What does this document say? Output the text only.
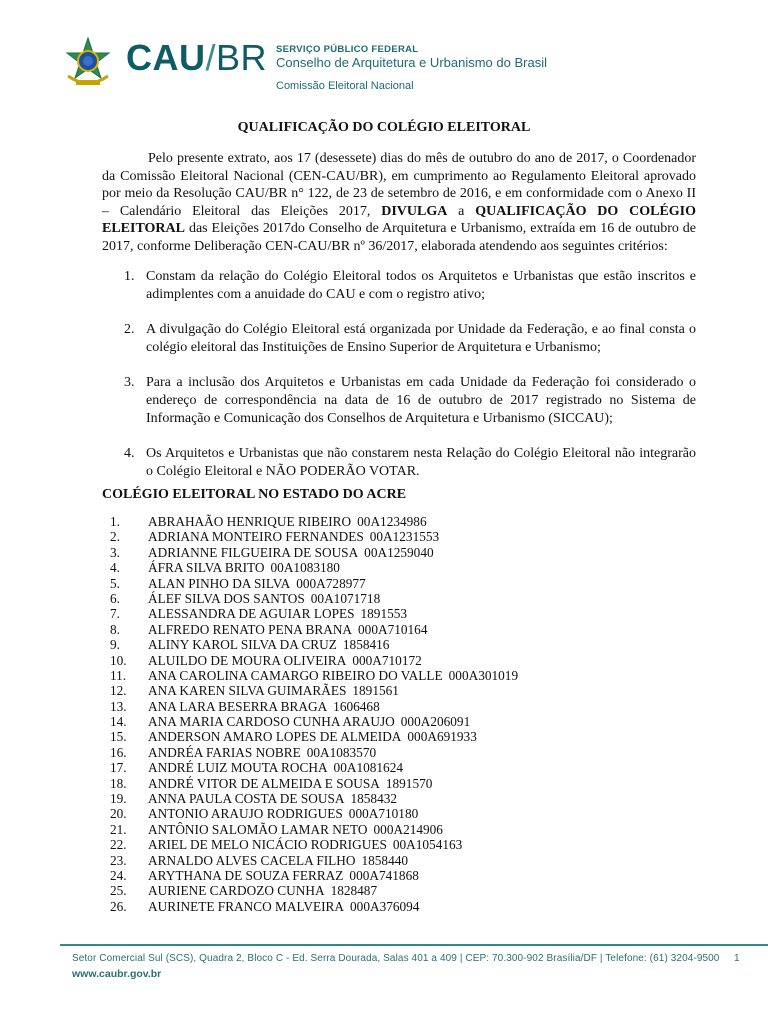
CAU/BR SERVIÇO PÚBLICO FEDERAL
Conselho de Arquitetura e Urbanismo do Brasil
Comissão Eleitoral Nacional
QUALIFICAÇÃO DO COLÉGIO ELEITORAL

Pelo presente extrato, aos 17 (desessete) dias do mês de outubro do ano de 2017, o Coordenador da Comissão Eleitoral Nacional (CEN-CAU/BR), em cumprimento ao Regulamento Eleitoral aprovado por meio da Resolução CAU/BR n° 122, de 23 de setembro de 2016, e em conformidade com o Anexo II – Calendário Eleitoral das Eleições 2017, DIVULGA a QUALIFICAÇÃO DO COLÉGIO ELEITORAL das Eleições 2017do Conselho de Arquitetura e Urbanismo, extraída em 16 de outubro de 2017, conforme Deliberação CEN-CAU/BR nº 36/2017, elaborada atendendo aos seguintes critérios:

1. Constam da relação do Colégio Eleitoral todos os Arquitetos e Urbanistas que estão inscritos e adimplentes com a anuidade do CAU e com o registro ativo;
2. A divulgação do Colégio Eleitoral está organizada por Unidade da Federação, e ao final consta o colégio eleitoral das Instituições de Ensino Superior de Arquitetura e Urbanismo;
3. Para a inclusão dos Arquitetos e Urbanistas em cada Unidade da Federação foi considerado o endereço de correspondência na data de 16 de outubro de 2017 registrado no Sistema de Informação e Comunicação dos Conselhos de Arquitetura e Urbanismo (SICCAU);
4. Os Arquitetos e Urbanistas que não constarem nesta Relação do Colégio Eleitoral não integrarão o Colégio Eleitoral e NÃO PODERÃO VOTAR.
COLÉGIO ELEITORAL NO ESTADO DO ACRE
1. ABRAHAÃO HENRIQUE RIBEIRO 00A1234986
2. ADRIANA MONTEIRO FERNANDES 00A1231553
3. ADRIANNE FILGUEIRA DE SOUSA 00A1259040
4. ÁFRA SILVA BRITO 00A1083180
5. ALAN PINHO DA SILVA 000A728977
6. ÁLEF SILVA DOS SANTOS 00A1071718
7. ALESSANDRA DE AGUIAR LOPES 1891553
8. ALFREDO RENATO PENA BRANA 000A710164
9. ALINY KAROL SILVA DA CRUZ 1858416
10. ALUILDO DE MOURA OLIVEIRA 000A710172
11. ANA CAROLINA CAMARGO RIBEIRO DO VALLE 000A301019
12. ANA KAREN SILVA GUIMARÃES 1891561
13. ANA LARA BESERRA BRAGA 1606468
14. ANA MARIA CARDOSO CUNHA ARAUJO 000A206091
15. ANDERSON AMARO LOPES DE ALMEIDA 000A691933
16. ANDRÉA FARIAS NOBRE 00A1083570
17. ANDRÉ LUIZ MOUTA ROCHA 00A1081624
18. ANDRÉ VITOR DE ALMEIDA E SOUSA 1891570
19. ANNA PAULA COSTA DE SOUSA 1858432
20. ANTONIO ARAUJO RODRIGUES 000A710180
21. ANTÔNIO SALOMÃO LAMAR NETO 000A214906
22. ARIEL DE MELO NICÁCIO RODRIGUES 00A1054163
23. ARNALDO ALVES CACELA FILHO 1858440
24. ARYTHANA DE SOUZA FERRAZ 000A741868
25. AURIENE CARDOZO CUNHA 1828487
26. AURINETE FRANCO MALVEIRA 000A376094
Setor Comercial Sul (SCS), Quadra 2, Bloco C - Ed. Serra Dourada, Salas 401 a 409 | CEP: 70.300-902 Brasília/DF | Telefone: (61) 3204-9500
www.caubr.gov.br
1
